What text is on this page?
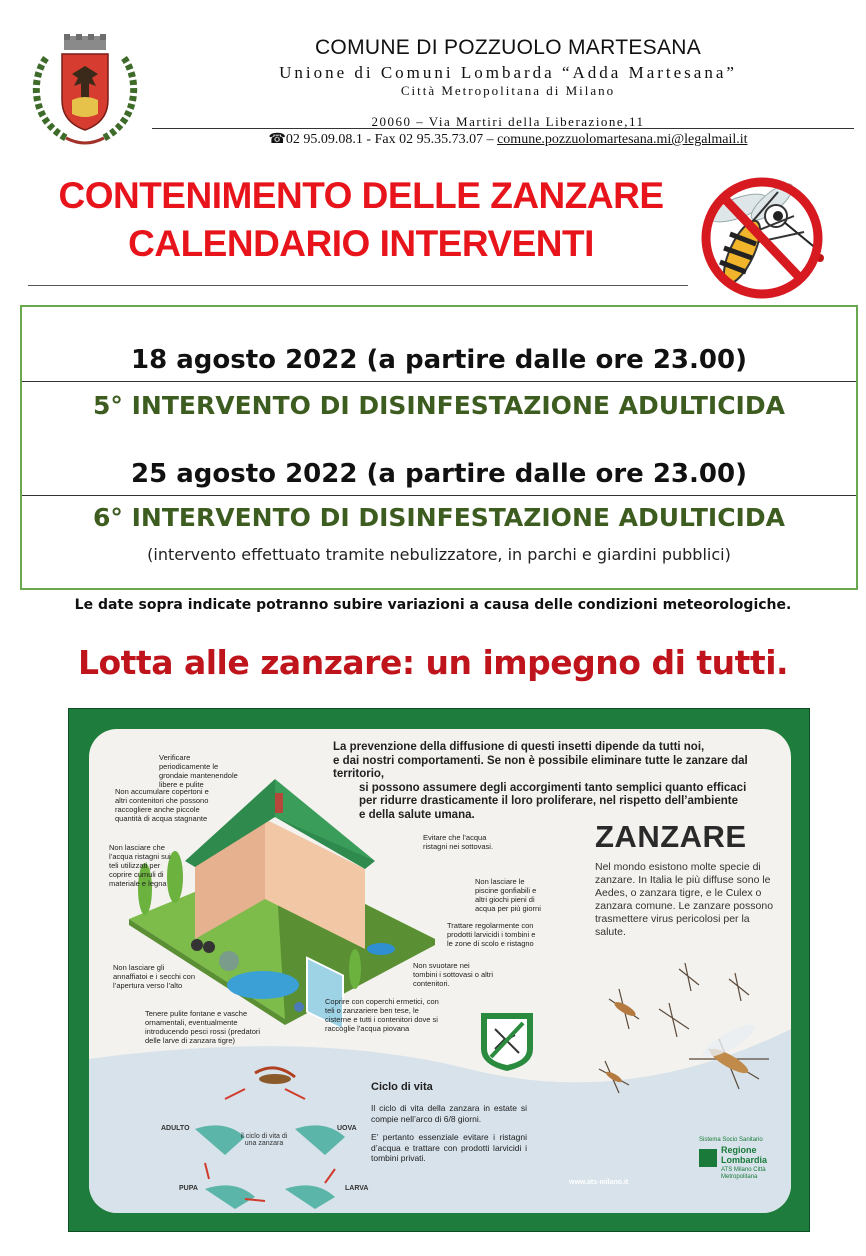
COMUNE DI POZZUOLO MARTESANA
Unione di Comuni Lombarda “Adda Martesana”
Città Metropolitana di Milano
20060 – Via Martiri della Liberazione,11
☎02 95.09.08.1 - Fax 02 95.35.73.07 – comune.pozzuolomartesana.mi@legalmail.it
CONTENIMENTO DELLE ZANZARE
CALENDARIO INTERVENTI
18 agosto 2022 (a partire dalle ore 23.00)
5° INTERVENTO DI DISINFESTAZIONE ADULTICIDA
25 agosto 2022 (a partire dalle ore 23.00)
6° INTERVENTO DI DISINFESTAZIONE ADULTICIDA
(intervento effettuato tramite nebulizzatore, in parchi e giardini pubblici)
Le date sopra indicate potranno subire variazioni a causa delle condizioni meteorologiche.
Lotta alle zanzare: un impegno di tutti.
La prevenzione della diffusione di questi insetti dipende da tutti noi,
e dai nostri comportamenti. Se non è possibile eliminare tutte le zanzare dal territorio,
si possono assumere degli accorgimenti tanto semplici quanto efficaci
per ridurre drasticamente il loro proliferare, nel rispetto dell’ambiente
e della salute umana.
ZANZARE
Nel mondo esistono molte specie di zanzare. In Italia le più diffuse sono le Aedes, o zanzara tigre, e le Culex o zanzara comune. Le zanzare possono trasmettere virus pericolosi per la salute.
Verificare periodicamente le grondaie mantenendole libere e pulite
Non accumulare copertoni e altri contenitori che possono raccogliere anche piccole quantità di acqua stagnante
Non lasciare che l’acqua ristagni sui teli utilizzati per coprire cumuli di materiale e legna
Non lasciare gli annaffiatoi e i secchi con l’apertura verso l’alto
Tenere pulite fontane e vasche ornamentali, eventualmente introducendo pesci rossi (predatori delle larve di zanzara tigre)
Evitare che l’acqua ristagni nei sottovasi.
Non lasciare le piscine gonfiabili e altri giochi pieni di acqua per più giorni
Trattare regolarmente con prodotti larvicidi i tombini e le zone di scolo e ristagno
Non svuotare nei tombini i sottovasi o altri contenitori.
Coprire con coperchi ermetici, con teli o zanzariere ben tese, le cisterne e tutti i contenitori dove si raccoglie l’acqua piovana
ADULTO	UOVA
PUPA	LARVA
il ciclo di vita di una zanzara
Ciclo di vita
Il ciclo di vita della zanzara in estate si compie nell’arco di 6/8 giorni.
E’ pertanto essenziale evitare i ristagni d’acqua e trattare con prodotti larvicidi i tombini privati.
Sistema Socio Sanitario
Regione Lombardia
ATS Milano Città Metropolitana
www.ats-milano.it
